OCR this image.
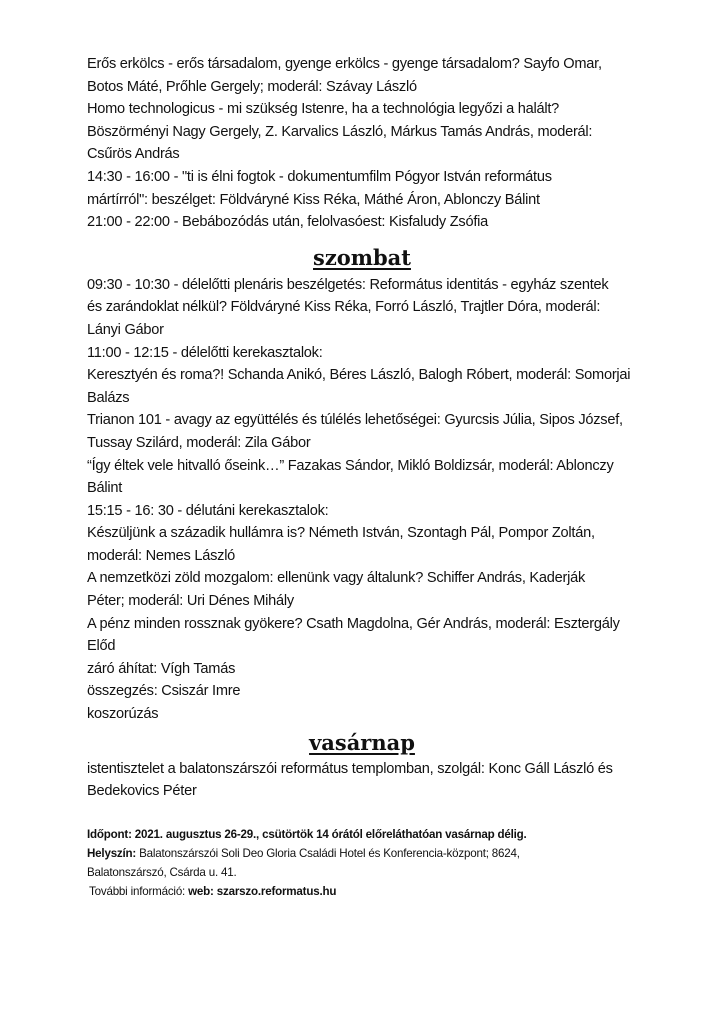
Erős erkölcs - erős társadalom, gyenge erkölcs - gyenge társadalom? Sayfo Omar,
Botos Máté, Prőhle Gergely; moderál: Szávay László
Homo technologicus - mi szükség Istenre, ha a technológia legyőzi a halált?
Böszörményi Nagy Gergely, Z. Karvalics László, Márkus Tamás András, moderál:
Csűrös András
14:30 - 16:00 - "ti is élni fogtok - dokumentumfilm Pógyor István református
mártírról": beszélget: Földváryné Kiss Réka, Máthé Áron, Ablonczy Bálint
21:00 - 22:00 - Bebábozódás után, felolvasóest: Kisfaludy Zsófia
szombat
09:30 - 10:30 - délelőtti plenáris beszélgetés: Református identitás - egyház szentek
és zarándoklat nélkül? Földváryné Kiss Réka, Forró László, Trajtler Dóra, moderál:
Lányi Gábor
11:00 - 12:15 - délelőtti kerekasztalok:
Keresztyén és roma?! Schanda Anikó, Béres László, Balogh Róbert, moderál: Somorjai
Balázs
Trianon 101 - avagy az együttélés és túlélés lehetőségei: Gyurcsis Júlia, Sipos József,
Tussay Szilárd, moderál: Zila Gábor
“Így éltek vele hitvalló őseink…” Fazakas Sándor, Mikló Boldizsár, moderál: Ablonczy
Bálint
15:15 - 16: 30 - délutáni kerekasztalok:
Készüljünk a századik hullámra is? Németh István, Szontagh Pál, Pompor Zoltán,
moderál: Nemes László
A nemzetközi zöld mozgalom: ellenünk vagy általunk? Schiffer András, Kaderják
Péter; moderál: Uri Dénes Mihály
A pénz minden rossznak gyökere? Csath Magdolna, Gér András, moderál: Esztergály
Előd
záró áhítat: Vígh Tamás
összegzés: Csiszár Imre
koszorúzás
vasárnap
istentisztelet a balatonszárszói református templomban, szolgál: Konc Gáll László és
Bedekovics Péter
Időpont: 2021. augusztus 26-29., csütörtök 14 órától előreláthatóan vasárnap délig.
Helyszín: Balatonszárszói Soli Deo Gloria Családi Hotel és Konferencia-központ; 8624,
Balatonszárszó, Csárda u. 41.
További információ: web: szarszo.reformatus.hu
